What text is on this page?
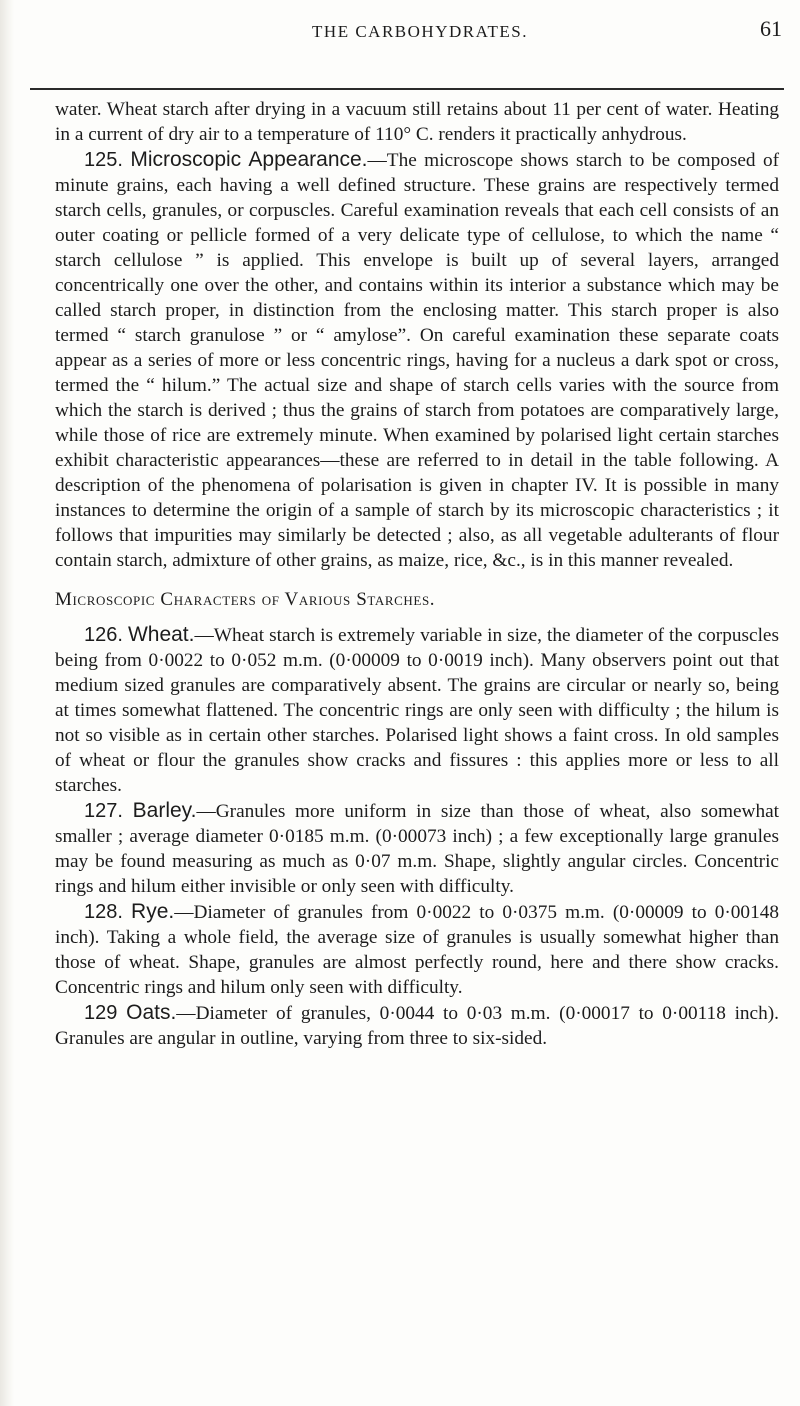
THE CARBOHYDRATES.	61

water. Wheat starch after drying in a vacuum still retains about 11 per cent of water. Heating in a current of dry air to a temperature of 110° C. renders it practically anhydrous.

125. Microscopic Appearance.—The microscope shows starch to be composed of minute grains, each having a well defined structure. These grains are respectively termed starch cells, granules, or corpuscles. Careful examination reveals that each cell consists of an outer coating or pellicle formed of a very delicate type of cellulose, to which the name “ starch cellulose ” is applied. This envelope is built up of several layers, arranged concentrically one over the other, and contains within its interior a substance which may be called starch proper, in distinction from the enclosing matter. This starch proper is also termed “ starch granulose ” or “ amylose”. On careful examination these separate coats appear as a series of more or less concentric rings, having for a nucleus a dark spot or cross, termed the “ hilum.” The actual size and shape of starch cells varies with the source from which the starch is derived ; thus the grains of starch from potatoes are comparatively large, while those of rice are extremely minute. When examined by polarised light certain starches exhibit characteristic appearances—these are referred to in detail in the table following. A description of the phenomena of polarisation is given in chapter IV. It is possible in many instances to determine the origin of a sample of starch by its microscopic characteristics ; it follows that impurities may similarly be detected ; also, as all vegetable adulterants of flour contain starch, admixture of other grains, as maize, rice, &c., is in this manner revealed.

Microscopic Characters of Various Starches.

126. Wheat.—Wheat starch is extremely variable in size, the diameter of the corpuscles being from 0·0022 to 0·052 m.m. (0·00009 to 0·0019 inch). Many observers point out that medium sized granules are comparatively absent. The grains are circular or nearly so, being at times somewhat flattened. The concentric rings are only seen with difficulty ; the hilum is not so visible as in certain other starches. Polarised light shows a faint cross. In old samples of wheat or flour the granules show cracks and fissures : this applies more or less to all starches.

127. Barley.—Granules more uniform in size than those of wheat, also somewhat smaller ; average diameter 0·0185 m.m. (0·00073 inch) ; a few exceptionally large granules may be found measuring as much as 0·07 m.m. Shape, slightly angular circles. Concentric rings and hilum either invisible or only seen with difficulty.

128. Rye.—Diameter of granules from 0·0022 to 0·0375 m.m. (0·00009 to 0·00148 inch). Taking a whole field, the average size of granules is usually somewhat higher than those of wheat. Shape, granules are almost perfectly round, here and there show cracks. Concentric rings and hilum only seen with difficulty.

129 Oats.—Diameter of granules, 0·0044 to 0·03 m.m. (0·00017 to 0·00118 inch). Granules are angular in outline, varying from three to six-sided.
